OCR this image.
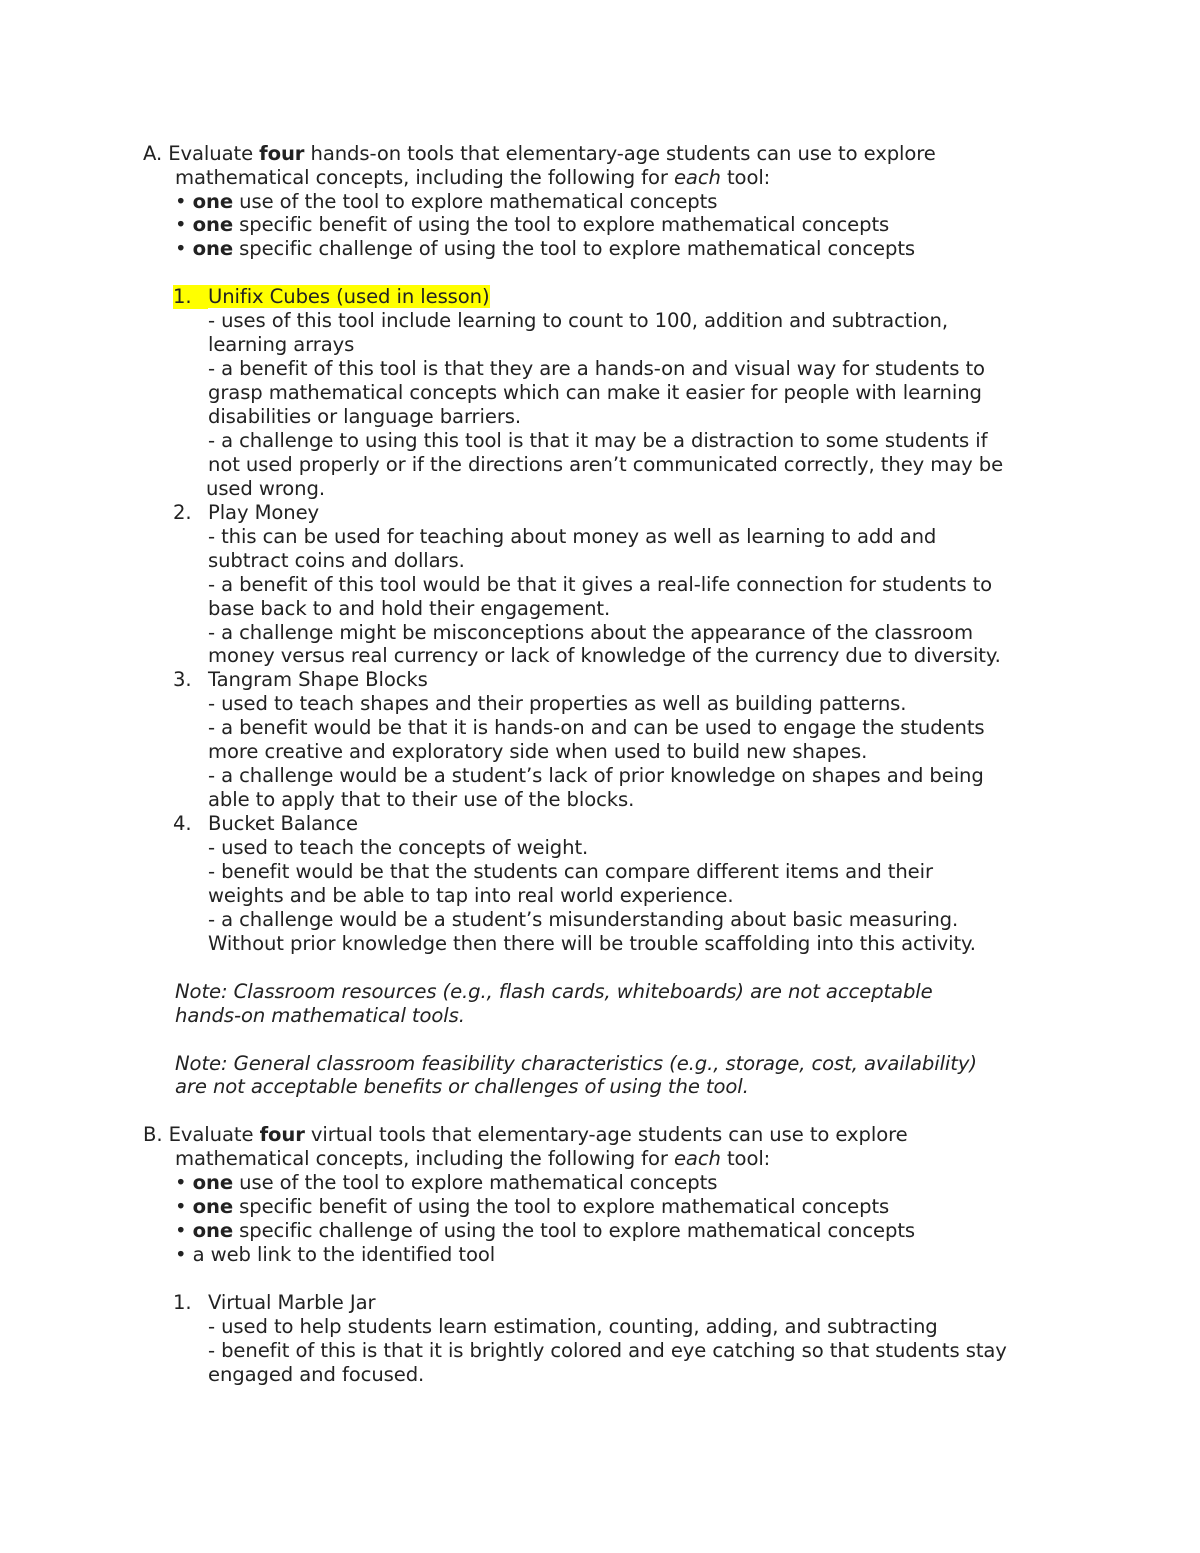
A. Evaluate four hands-on tools that elementary-age students can use to explore
mathematical concepts, including the following for each tool:
• one use of the tool to explore mathematical concepts
• one specific benefit of using the tool to explore mathematical concepts
• one specific challenge of using the tool to explore mathematical concepts
1. Unifix Cubes (used in lesson)
- uses of this tool include learning to count to 100, addition and subtraction,
learning arrays
- a benefit of this tool is that they are a hands-on and visual way for students to
grasp mathematical concepts which can make it easier for people with learning
disabilities or language barriers.
- a challenge to using this tool is that it may be a distraction to some students if
not used properly or if the directions aren’t communicated correctly, they may be
used wrong.
2. Play Money
- this can be used for teaching about money as well as learning to add and
subtract coins and dollars.
- a benefit of this tool would be that it gives a real-life connection for students to
base back to and hold their engagement.
- a challenge might be misconceptions about the appearance of the classroom
money versus real currency or lack of knowledge of the currency due to diversity.
3. Tangram Shape Blocks
- used to teach shapes and their properties as well as building patterns.
- a benefit would be that it is hands-on and can be used to engage the students
more creative and exploratory side when used to build new shapes.
- a challenge would be a student’s lack of prior knowledge on shapes and being
able to apply that to their use of the blocks.
4. Bucket Balance
- used to teach the concepts of weight.
- benefit would be that the students can compare different items and their
weights and be able to tap into real world experience.
- a challenge would be a student’s misunderstanding about basic measuring.
Without prior knowledge then there will be trouble scaffolding into this activity.
Note: Classroom resources (e.g., flash cards, whiteboards) are not acceptable
hands-on mathematical tools.
Note: General classroom feasibility characteristics (e.g., storage, cost, availability)
are not acceptable benefits or challenges of using the tool.
B. Evaluate four virtual tools that elementary-age students can use to explore
mathematical concepts, including the following for each tool:
• one use of the tool to explore mathematical concepts
• one specific benefit of using the tool to explore mathematical concepts
• one specific challenge of using the tool to explore mathematical concepts
• a web link to the identified tool
1. Virtual Marble Jar
- used to help students learn estimation, counting, adding, and subtracting
- benefit of this is that it is brightly colored and eye catching so that students stay
engaged and focused.
